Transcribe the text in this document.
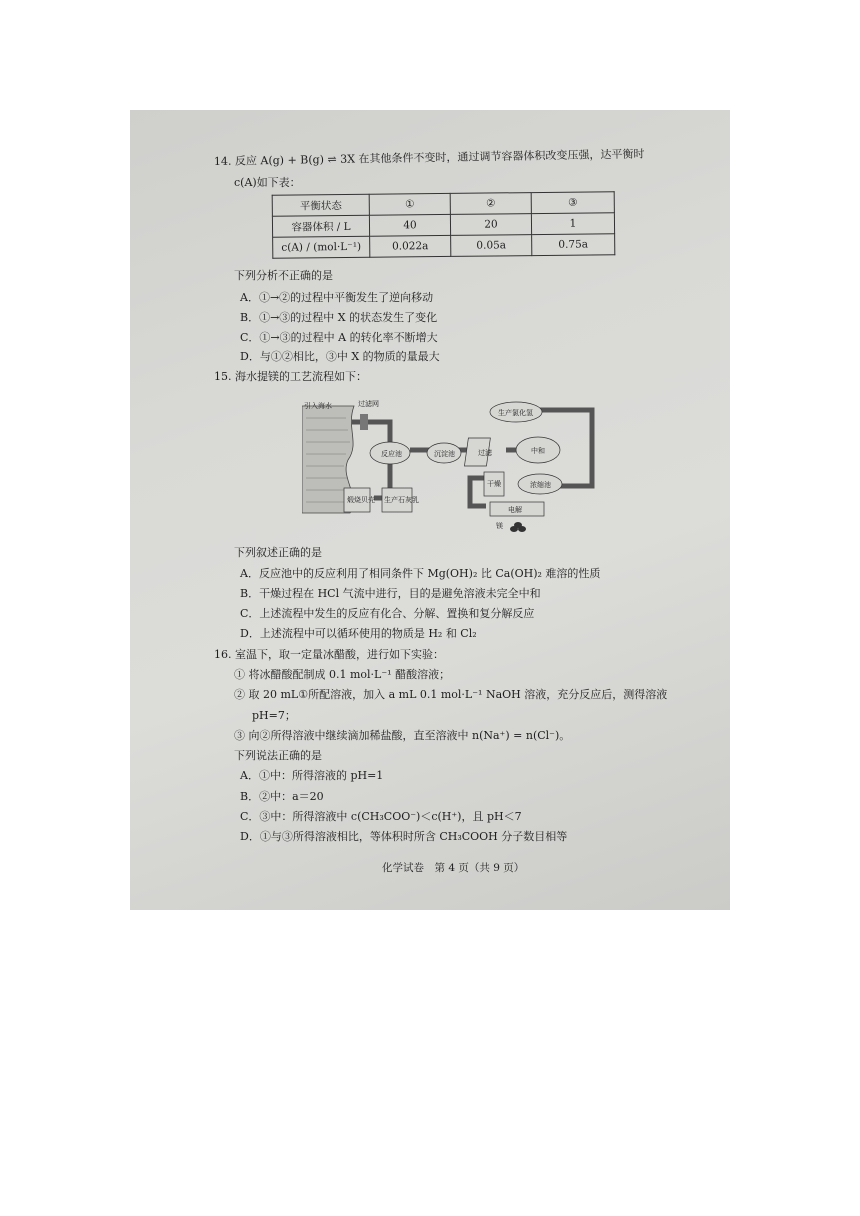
14. 反应 A(g) + B(g) ⇌ 3X 在其他条件不变时，通过调节容器体积改变压强，达平衡时
c(A)如下表：
平衡状态	①	②	③
容器体积 / L	40	20	1
c(A) / (mol·L⁻¹)	0.022a	0.05a	0.75a
下列分析不正确的是
A．①→②的过程中平衡发生了逆向移动
B．①→③的过程中 X 的状态发生了变化
C．①→③的过程中 A 的转化率不断增大
D．与①②相比，③中 X 的物质的量最大
15. 海水提镁的工艺流程如下：
引入海水	过滤网
反应池	沉淀池	过滤	中和
生产氯化氢
浓缩池
干燥
电解
煅烧贝壳 生产石灰乳
镁
下列叙述正确的是
A．反应池中的反应利用了相同条件下 Mg(OH)₂ 比 Ca(OH)₂ 难溶的性质
B．干燥过程在 HCl 气流中进行，目的是避免溶液未完全中和
C．上述流程中发生的反应有化合、分解、置换和复分解反应
D．上述流程中可以循环使用的物质是 H₂ 和 Cl₂
16. 室温下，取一定量冰醋酸，进行如下实验：
① 将冰醋酸配制成 0.1 mol·L⁻¹ 醋酸溶液；
② 取 20 mL①所配溶液，加入 a mL 0.1 mol·L⁻¹ NaOH 溶液，充分反应后，测得溶液
pH=7；
③ 向②所得溶液中继续滴加稀盐酸，直至溶液中 n(Na⁺) = n(Cl⁻)。
下列说法正确的是
A．①中：所得溶液的 pH=1
B．②中：a＝20
C．③中：所得溶液中 c(CH₃COO⁻)＜c(H⁺)，且 pH＜7
D．①与③所得溶液相比，等体积时所含 CH₃COOH 分子数目相等
化学试卷　第 4 页（共 9 页）
